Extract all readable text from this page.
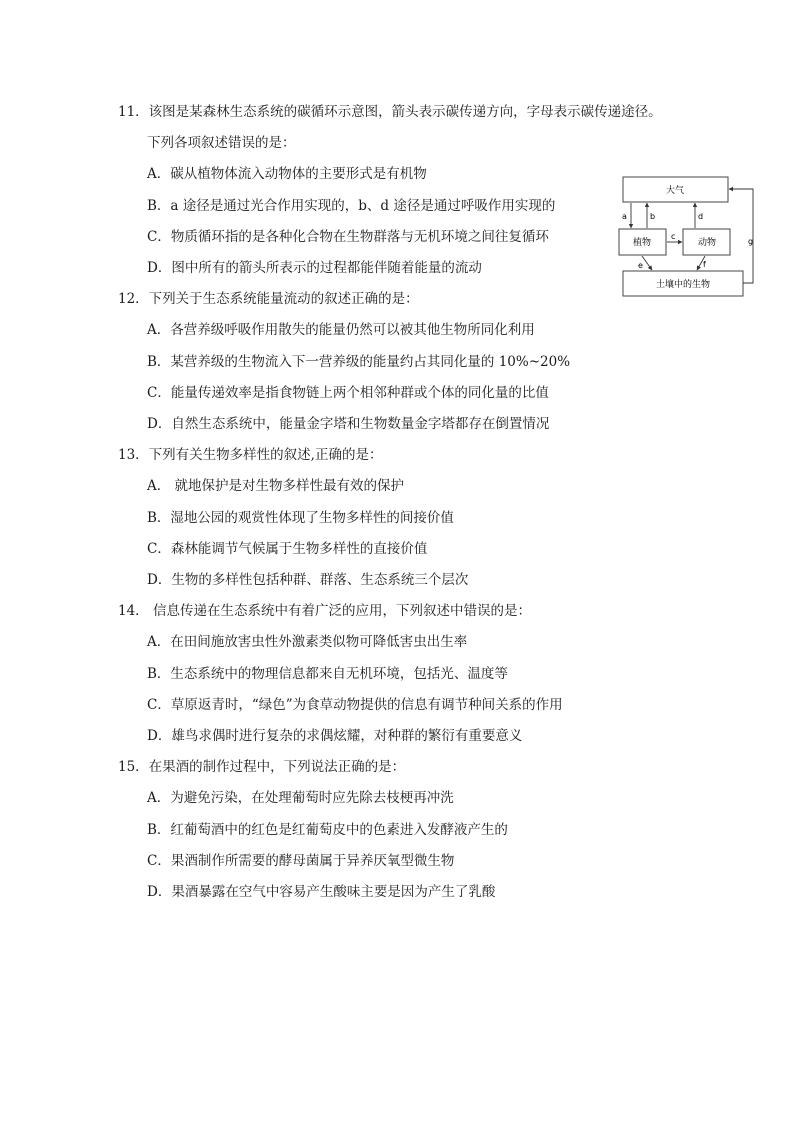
11．该图是某森林生态系统的碳循环示意图，箭头表示碳传递方向，字母表示碳传递途径。
下列各项叙述错误的是：
A．碳从植物体流入动物体的主要形式是有机物
B．a 途径是通过光合作用实现的，b、d 途径是通过呼吸作用实现的
C．物质循环指的是各种化合物在生物群落与无机环境之间往复循环
D．图中所有的箭头所表示的过程都能伴随着能量的流动
12．下列关于生态系统能量流动的叙述正确的是：
A．各营养级呼吸作用散失的能量仍然可以被其他生物所同化利用
B．某营养级的生物流入下一营养级的能量约占其同化量的 10%~20%
C．能量传递效率是指食物链上两个相邻种群或个体的同化量的比值
D．自然生态系统中，能量金字塔和生物数量金字塔都存在倒置情况
13．下列有关生物多样性的叙述,正确的是：
A． 就地保护是对生物多样性最有效的保护
B．湿地公园的观赏性体现了生物多样性的间接价值
C．森林能调节气候属于生物多样性的直接价值
D．生物的多样性包括种群、群落、生态系统三个层次
14． 信息传递在生态系统中有着广泛的应用，下列叙述中错误的是：
A．在田间施放害虫性外激素类似物可降低害虫出生率
B．生态系统中的物理信息都来自无机环境，包括光、温度等
C．草原返青时，“绿色”为食草动物提供的信息有调节种间关系的作用
D．雄鸟求偶时进行复杂的求偶炫耀，对种群的繁衍有重要意义
15．在果酒的制作过程中，下列说法正确的是：
A．为避免污染，在处理葡萄时应先除去枝梗再冲洗
B．红葡萄酒中的红色是红葡萄皮中的色素进入发酵液产生的
C．果酒制作所需要的酵母菌属于异养厌氧型微生物
D．果酒暴露在空气中容易产生酸味主要是因为产生了乳酸
大气
植物	动物
土壤中的生物
a	b	d
c
e	f
g
